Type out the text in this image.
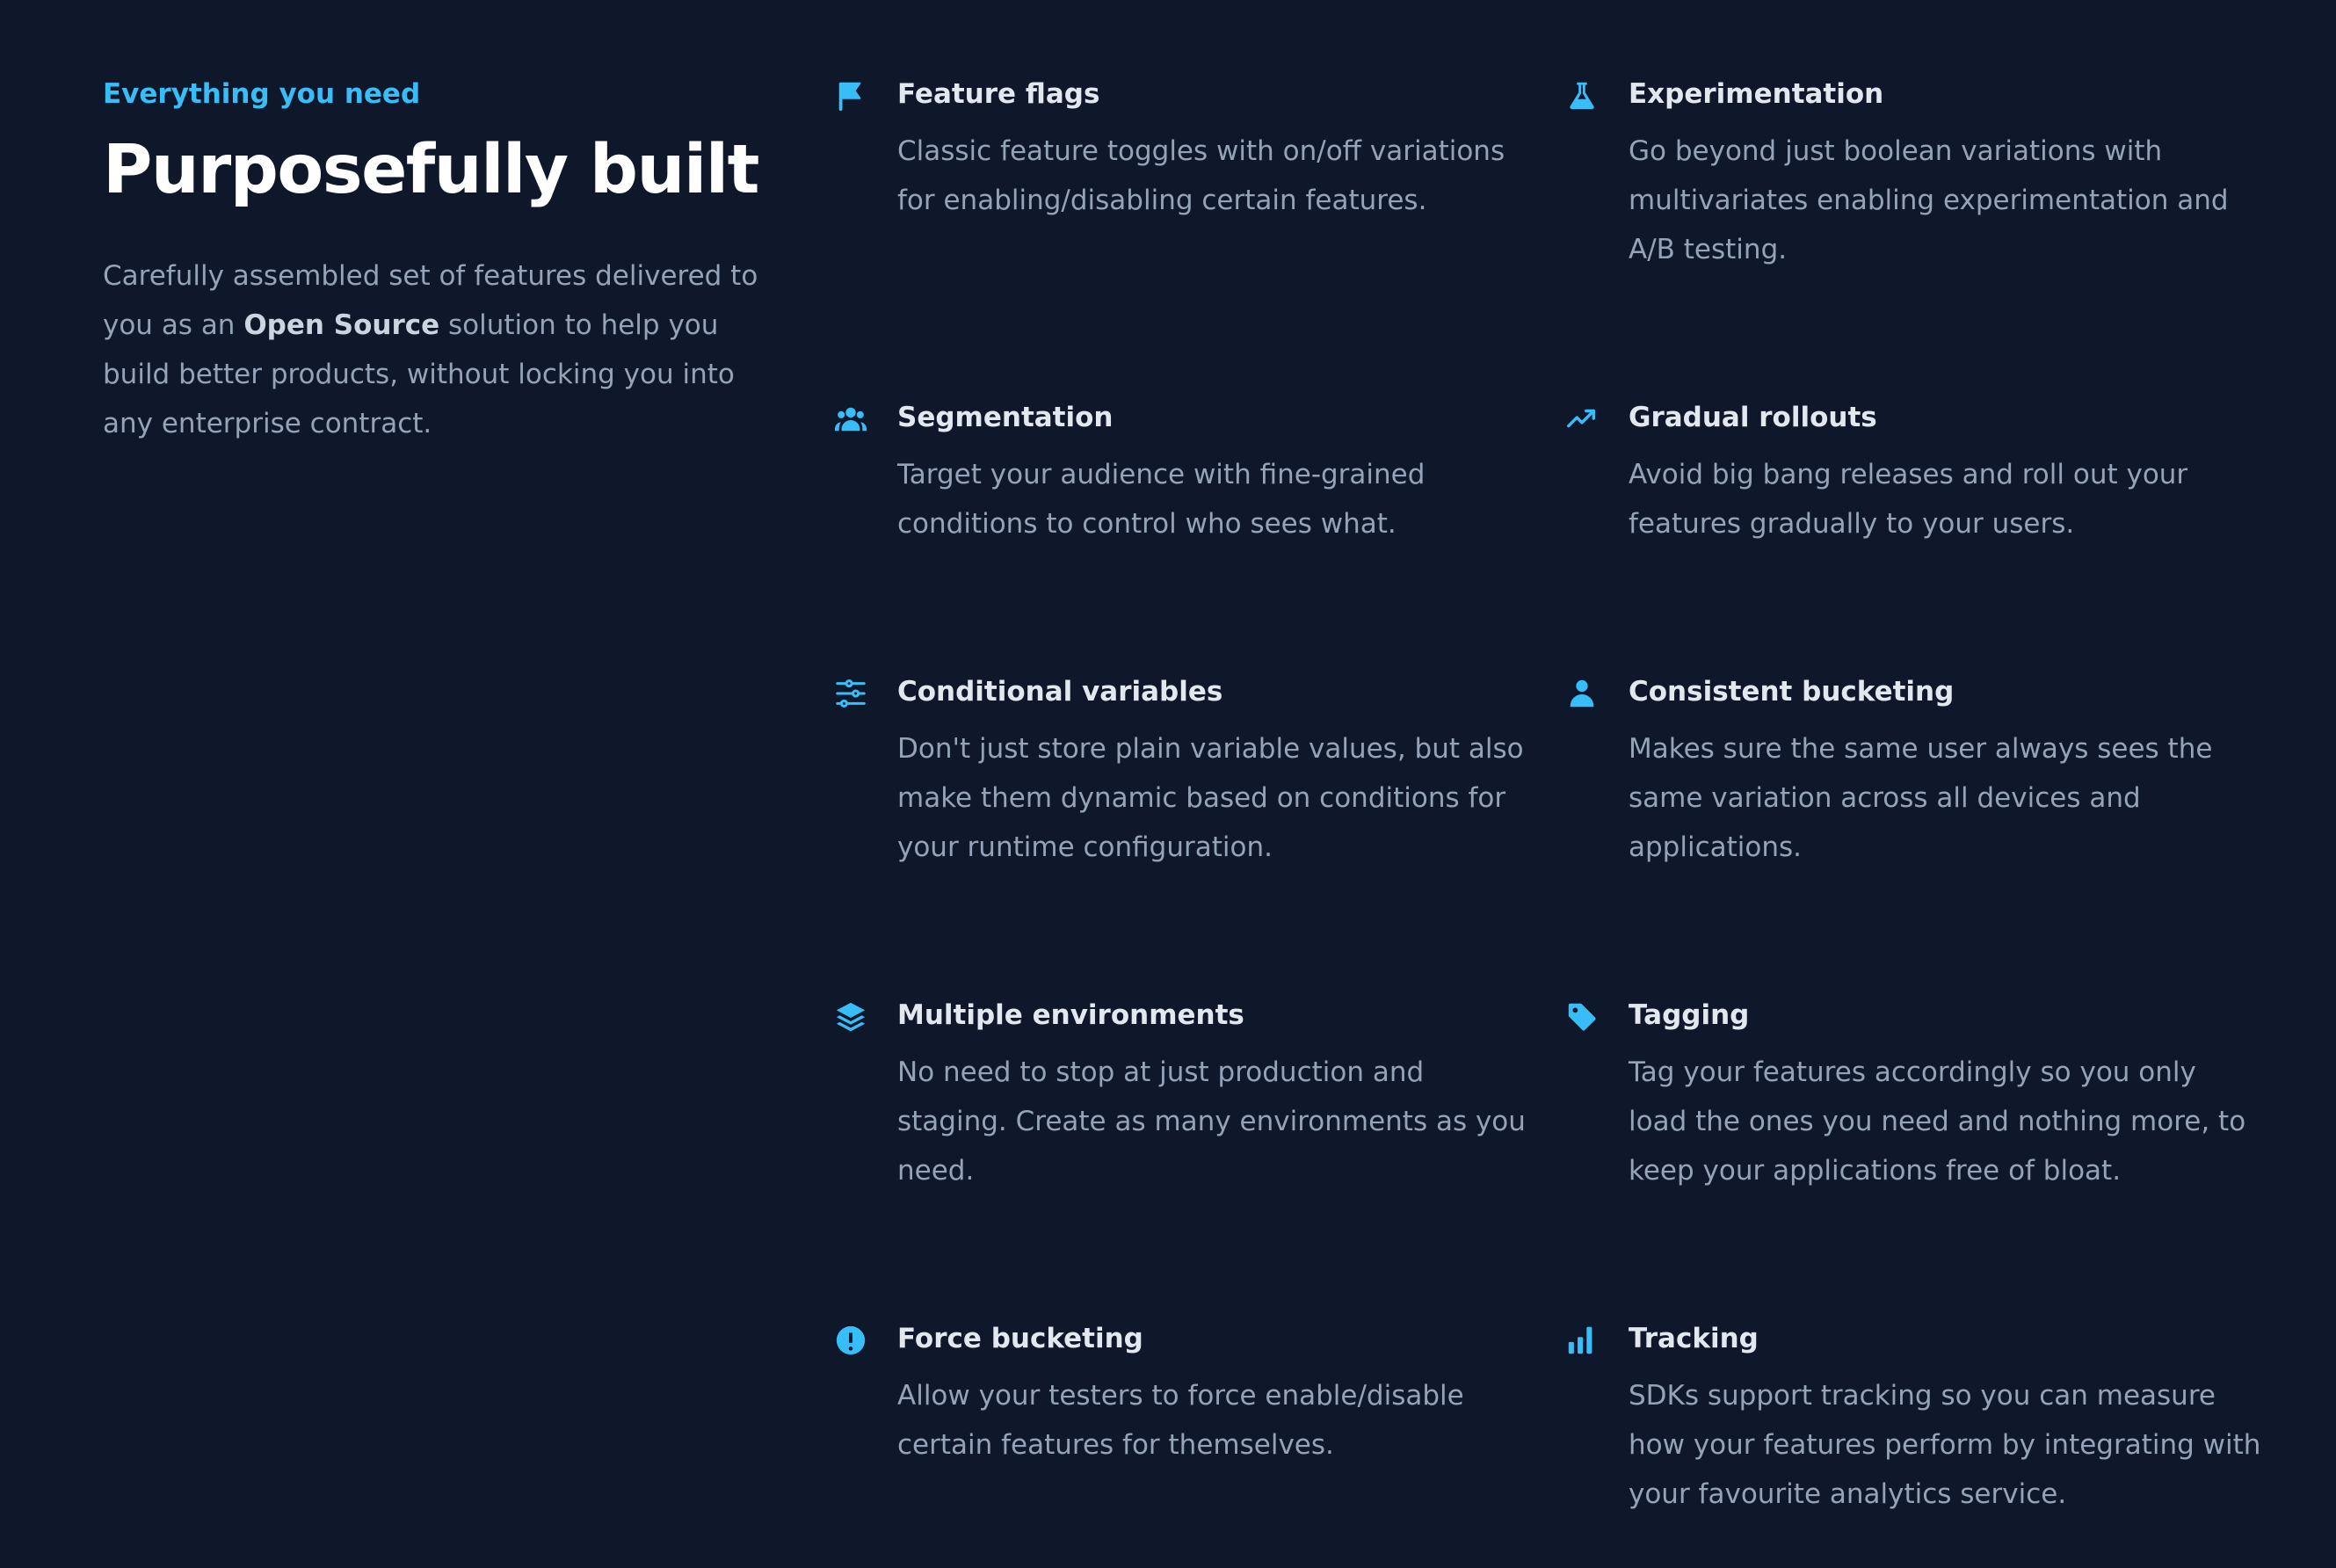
Everything you need

Purposefully built

Carefully assembled set of features delivered to you as an Open Source solution to help you build better products, without locking you into any enterprise contract.

Feature flags

Classic feature toggles with on/off variations for enabling/disabling certain features.

Experimentation

Go beyond just boolean variations with multivariates enabling experimentation and A/B testing.

Segmentation

Target your audience with fine-grained conditions to control who sees what.

Gradual rollouts

Avoid big bang releases and roll out your features gradually to your users.

Conditional variables

Don't just store plain variable values, but also make them dynamic based on conditions for your runtime configuration.

Consistent bucketing

Makes sure the same user always sees the same variation across all devices and applications.

Multiple environments

No need to stop at just production and staging. Create as many environments as you need.

Tagging

Tag your features accordingly so you only load the ones you need and nothing more, to keep your applications free of bloat.

Force bucketing

Allow your testers to force enable/disable certain features for themselves.

Tracking

SDKs support tracking so you can measure how your features perform by integrating with your favourite analytics service.
